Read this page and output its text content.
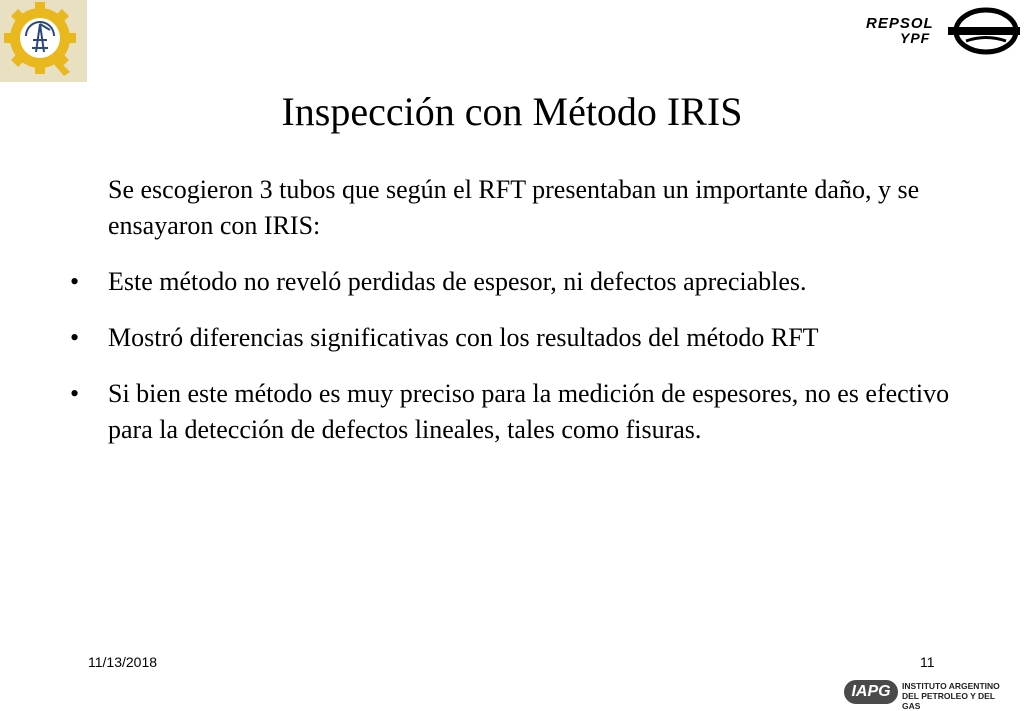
REPSOL
YPF
Inspección con Método IRIS
Se escogieron 3 tubos que según el RFT presentaban un importante daño, y se ensayaron con IRIS:
• Este método no reveló perdidas de espesor, ni defectos apreciables.
• Mostró diferencias significativas con los resultados del método RFT
• Si bien este método es muy preciso para la medición de espesores, no es efectivo para la detección de defectos lineales, tales como fisuras.
11/13/2018	11
IAPG	INSTITUTO ARGENTINO
DEL PETROLEO Y DEL GAS
